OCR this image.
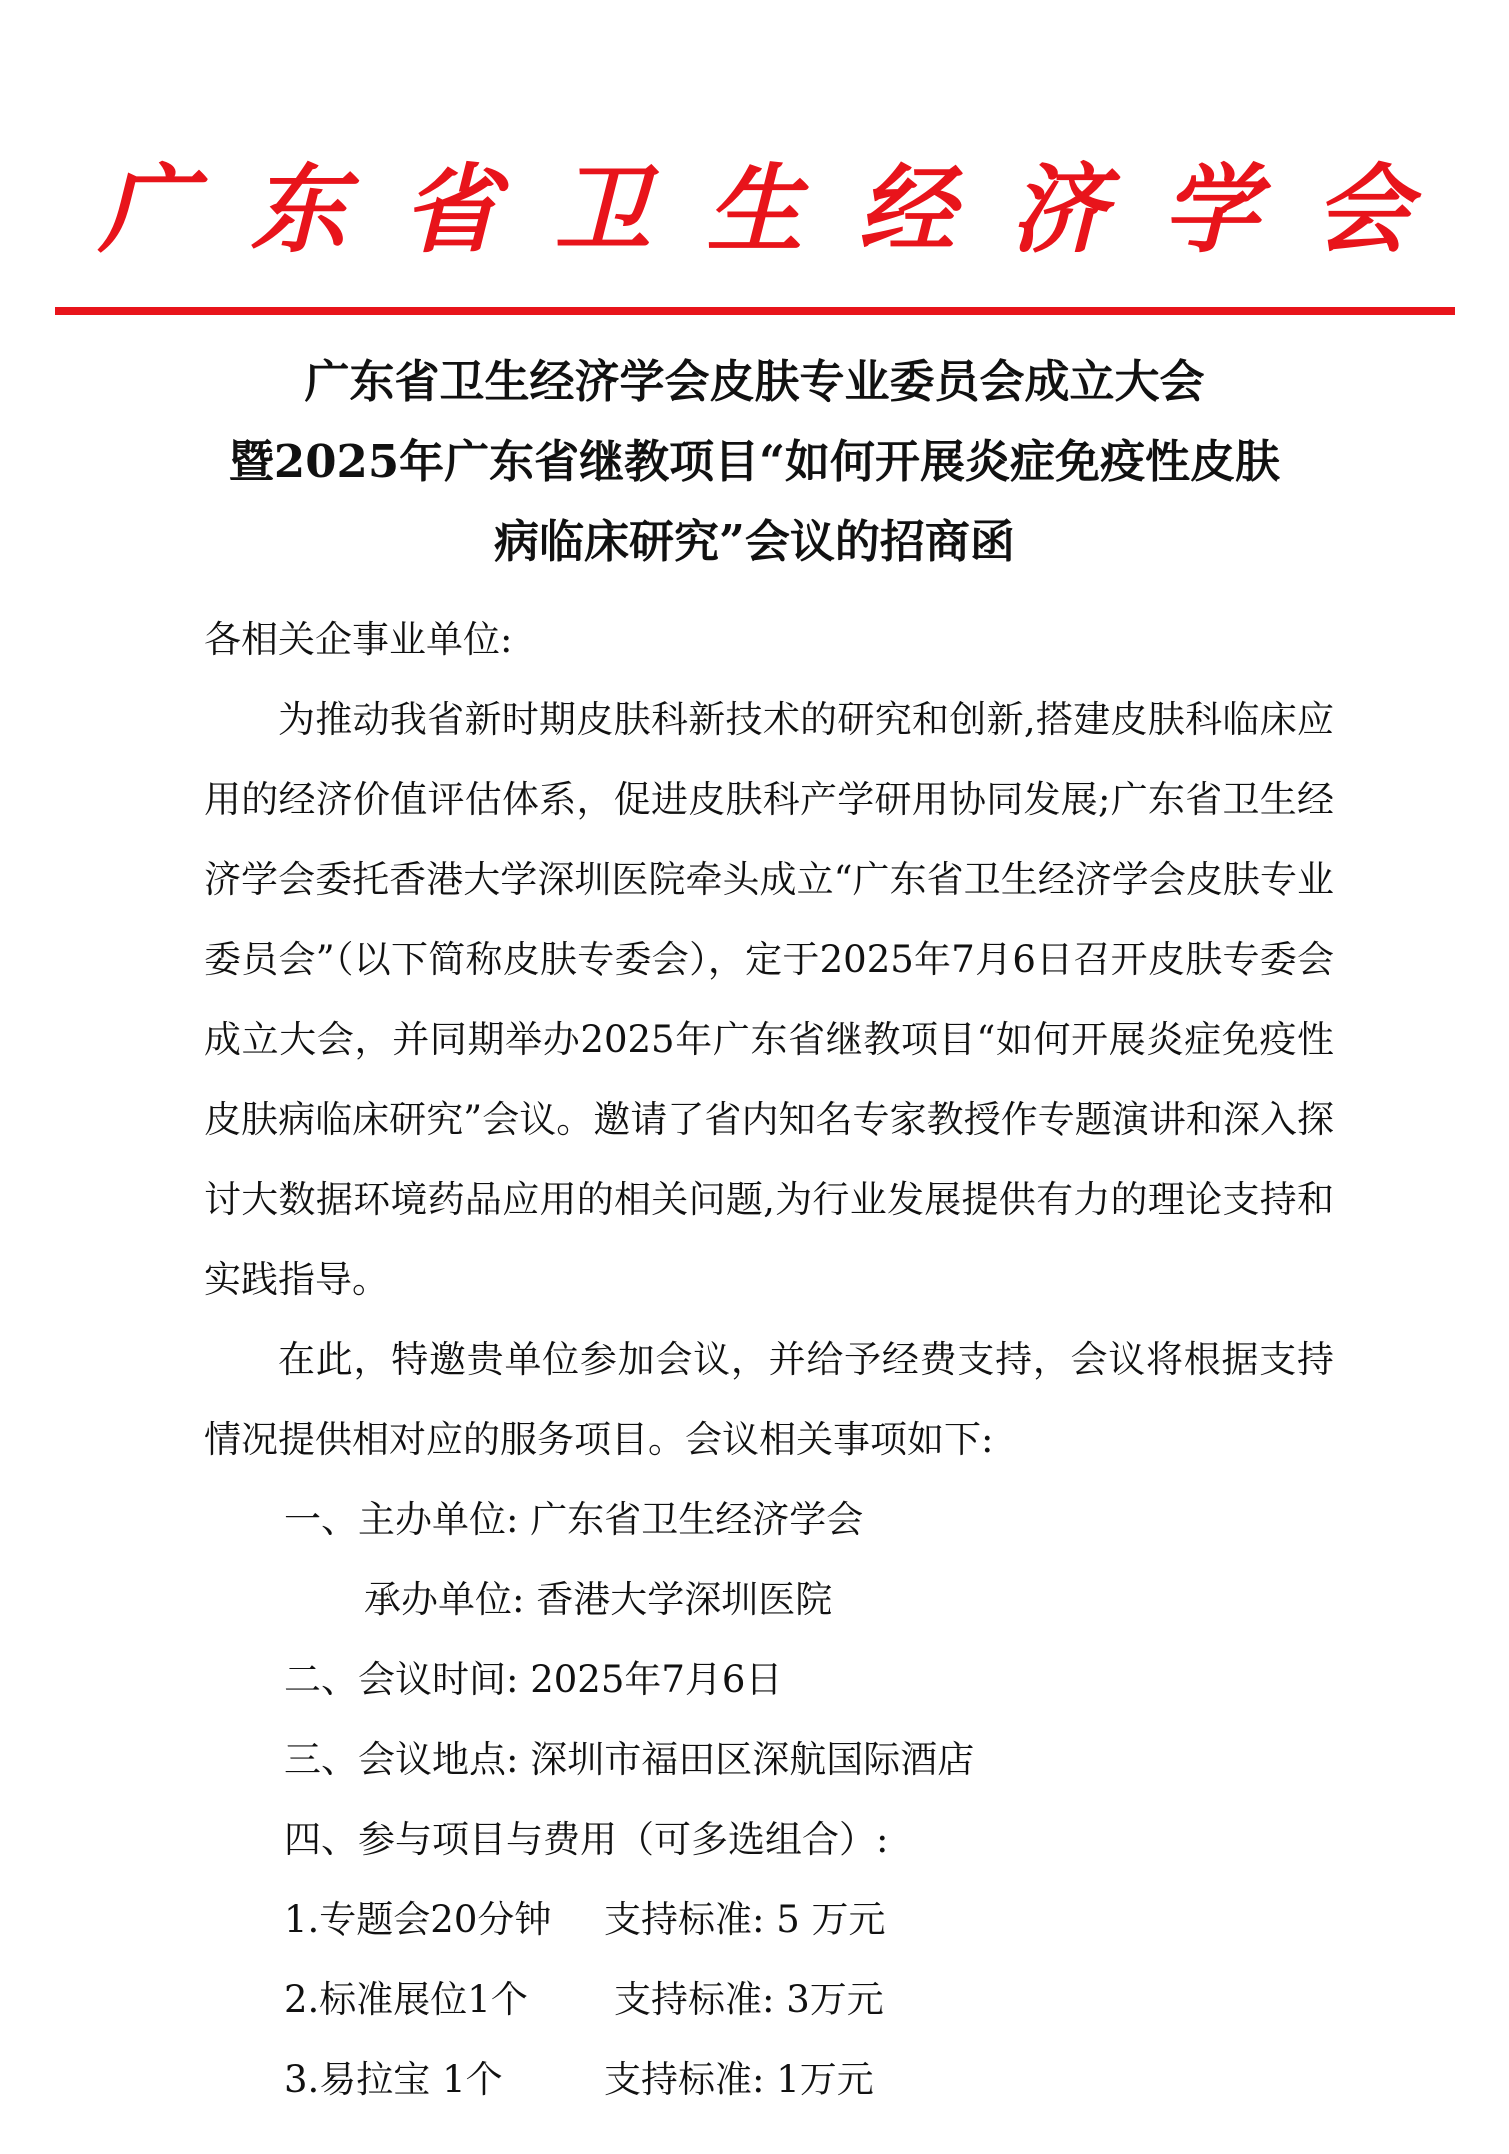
广东省卫生经济学会
广东省卫生经济学会皮肤专业委员会成立大会
暨2025年广东省继教项目“如何开展炎症免疫性皮肤
病临床研究”会议的招商函

各相关企事业单位:

为推动我省新时期皮肤科新技术的研究和创新,搭建皮肤科临床应用的经济价值评估体系，促进皮肤科产学研用协同发展;广东省卫生经济学会委托香港大学深圳医院牵头成立“广东省卫生经济学会皮肤专业委员会”（以下简称皮肤专委会），定于2025年7月6日召开皮肤专委会成立大会，并同期举办2025年广东省继教项目“如何开展炎症免疫性皮肤病临床研究”会议。邀请了省内知名专家教授作专题演讲和深入探讨大数据环境药品应用的相关问题,为行业发展提供有力的理论支持和实践指导。

在此，特邀贵单位参加会议，并给予经费支持，会议将根据支持情况提供相对应的服务项目。会议相关事项如下:

一、主办单位: 广东省卫生经济学会

承办单位: 香港大学深圳医院

二、会议时间: 2025年7月6日

三、会议地点: 深圳市福田区深航国际酒店

四、参与项目与费用（可多选组合）:

1.专题会20分钟 支持标准: 5 万元

2.标准展位1个 支持标准: 3万元

3.易拉宝 1个	支持标准: 1万元
